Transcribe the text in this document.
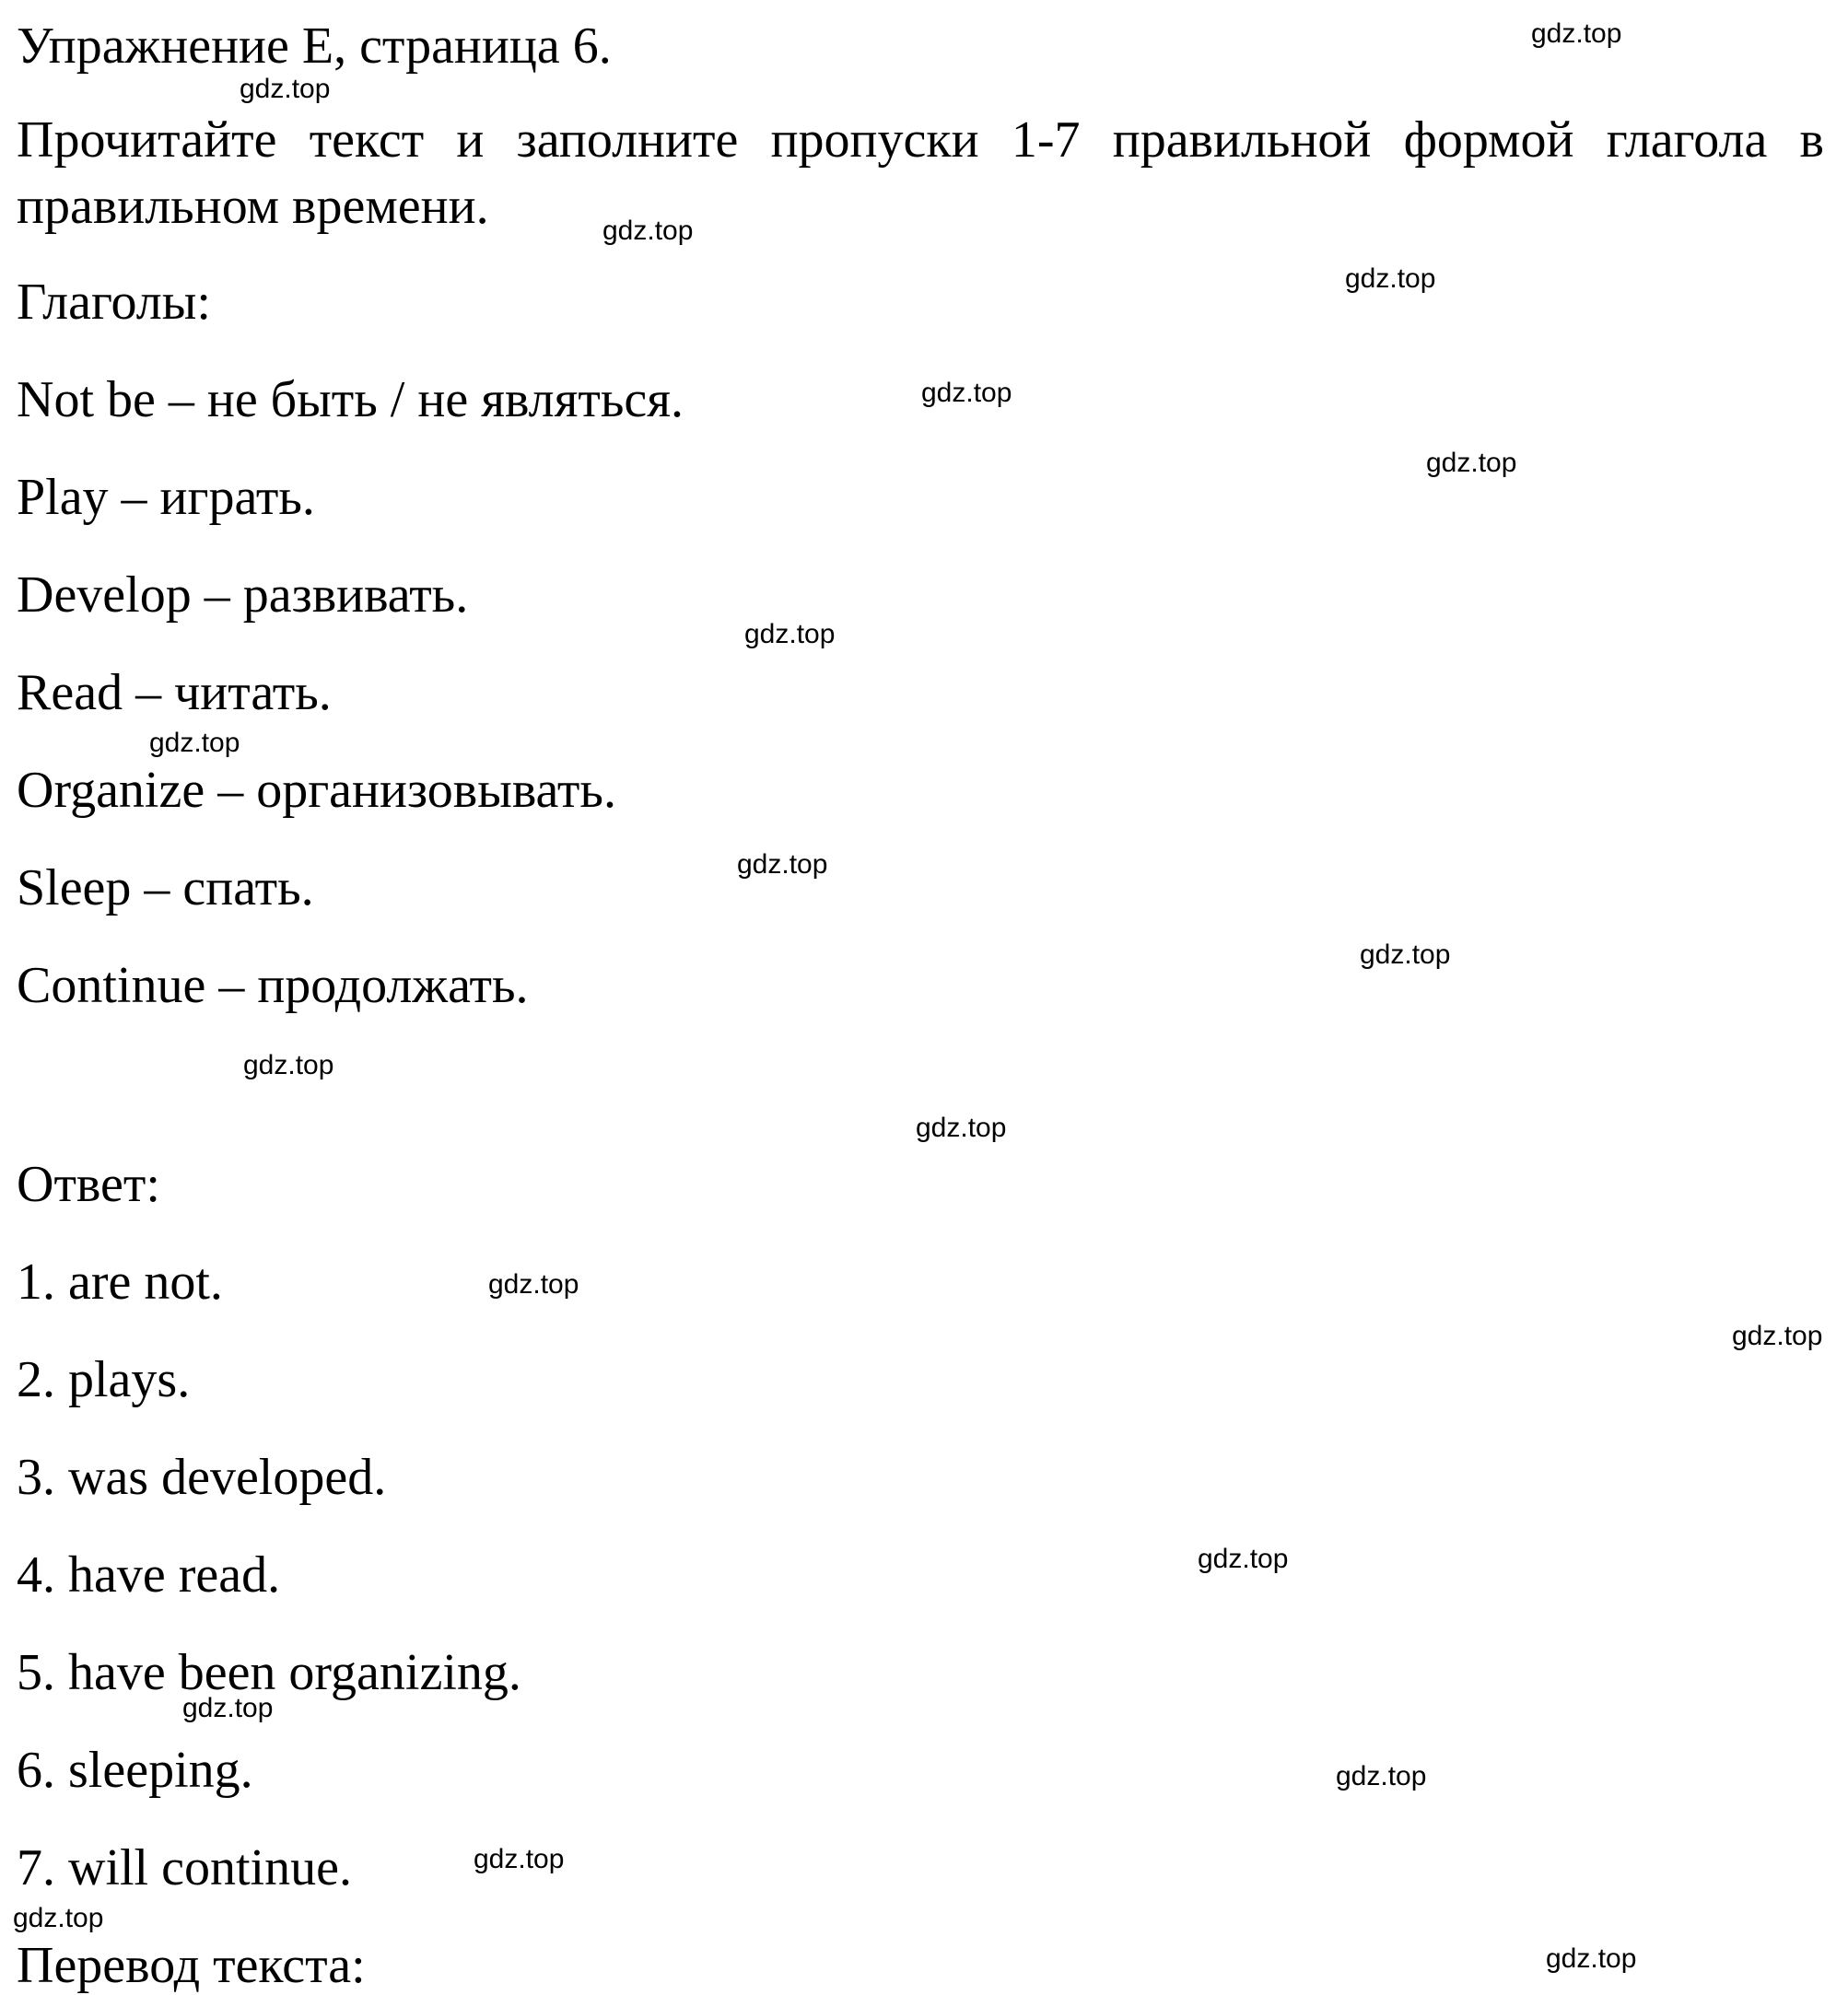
Упражнение E, страница 6.

Прочитайте текст и заполните пропуски 1-7 правильной формой глагола в правильном времени.

Глаголы:
Not be – не быть / не являться.
Play – играть.
Develop – развивать.
Read – читать.
Organize – организовывать.
Sleep – спать.
Continue – продолжать.
Ответ:
1. are not.
2. plays.
3. was developed.
4. have read.
5. have been organizing.
6. sleeping.
7. will continue.
Перевод текста:
gdz.top
gdz.top
gdz.top
gdz.top
gdz.top
gdz.top
gdz.top
gdz.top
gdz.top
gdz.top
gdz.top
gdz.top
gdz.top
gdz.top
gdz.top
gdz.top
gdz.top
gdz.top
gdz.top
gdz.top
